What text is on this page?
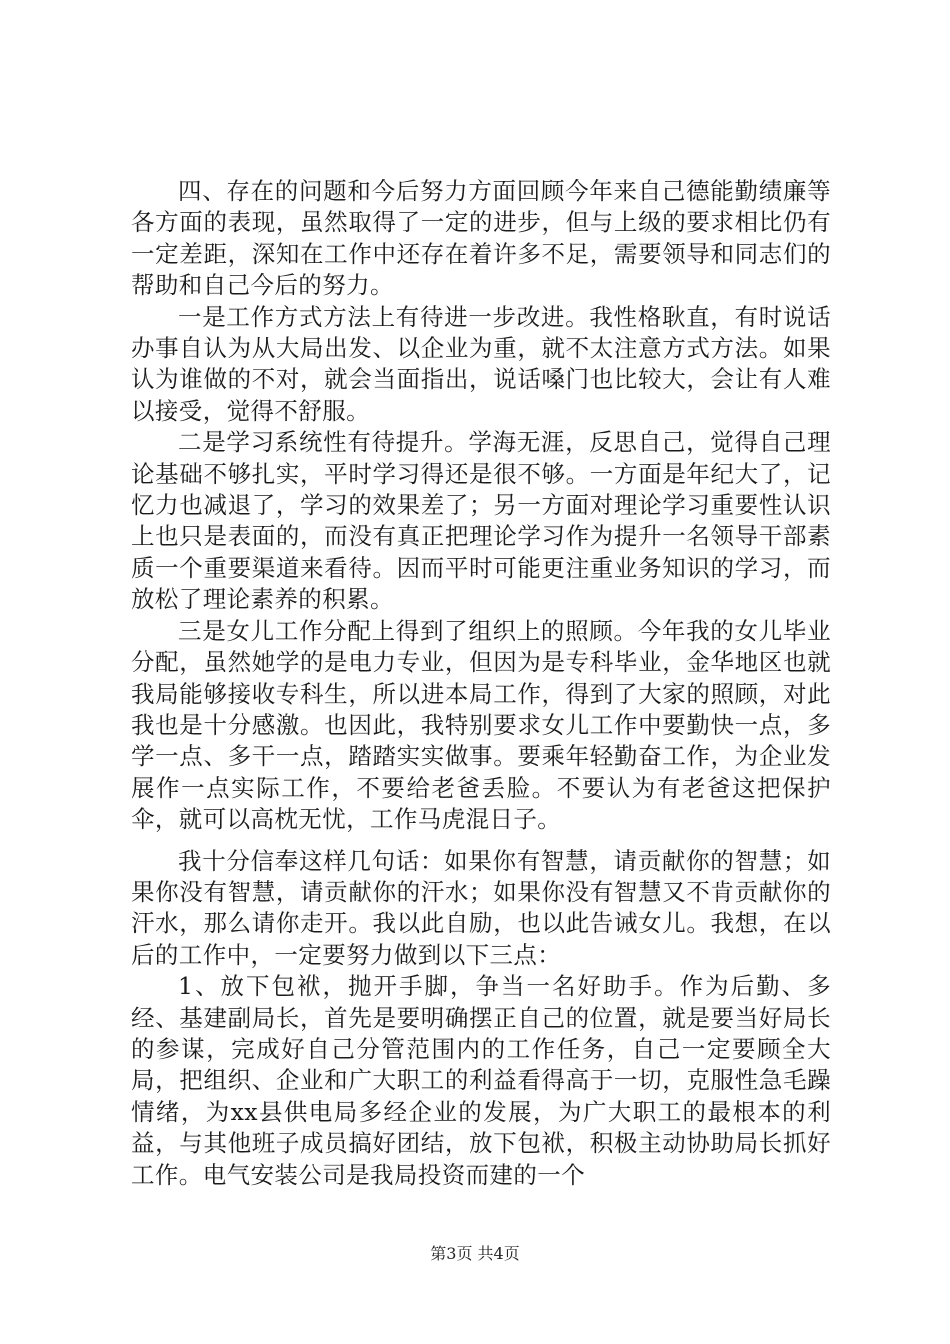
四、存在的问题和今后努力方面回顾今年来自己德能勤绩廉等各方面的表现，虽然取得了一定的进步，但与上级的要求相比仍有一定差距，深知在工作中还存在着许多不足，需要领导和同志们的帮助和自己今后的努力。

一是工作方式方法上有待进一步改进。我性格耿直，有时说话办事自认为从大局出发、以企业为重，就不太注意方式方法。如果认为谁做的不对，就会当面指出，说话嗓门也比较大，会让有人难以接受，觉得不舒服。

二是学习系统性有待提升。学海无涯，反思自己，觉得自己理论基础不够扎实，平时学习得还是很不够。一方面是年纪大了，记忆力也减退了，学习的效果差了；另一方面对理论学习重要性认识上也只是表面的，而没有真正把理论学习作为提升一名领导干部素质一个重要渠道来看待。因而平时可能更注重业务知识的学习，而放松了理论素养的积累。

三是女儿工作分配上得到了组织上的照顾。今年我的女儿毕业分配，虽然她学的是电力专业，但因为是专科毕业，金华地区也就我局能够接收专科生，所以进本局工作，得到了大家的照顾，对此我也是十分感激。也因此，我特别要求女儿工作中要勤快一点，多学一点、多干一点，踏踏实实做事。要乘年轻勤奋工作，为企业发展作一点实际工作，不要给老爸丢脸。不要认为有老爸这把保护伞，就可以高枕无忧，工作马虎混日子。

我十分信奉这样几句话：如果你有智慧，请贡献你的智慧；如果你没有智慧，请贡献你的汗水；如果你没有智慧又不肯贡献你的汗水，那么请你走开。我以此自励，也以此告诫女儿。我想，在以后的工作中，一定要努力做到以下三点：

1、放下包袱，抛开手脚，争当一名好助手。作为后勤、多经、基建副局长，首先是要明确摆正自己的位置，就是要当好局长的参谋，完成好自己分管范围内的工作任务，自己一定要顾全大局，把组织、企业和广大职工的利益看得高于一切，克服性急毛躁情绪，为xx县供电局多经企业的发展，为广大职工的最根本的利益，与其他班子成员搞好团结，放下包袱，积极主动协助局长抓好工作。电气安装公司是我局投资而建的一个

第3页 共4页
